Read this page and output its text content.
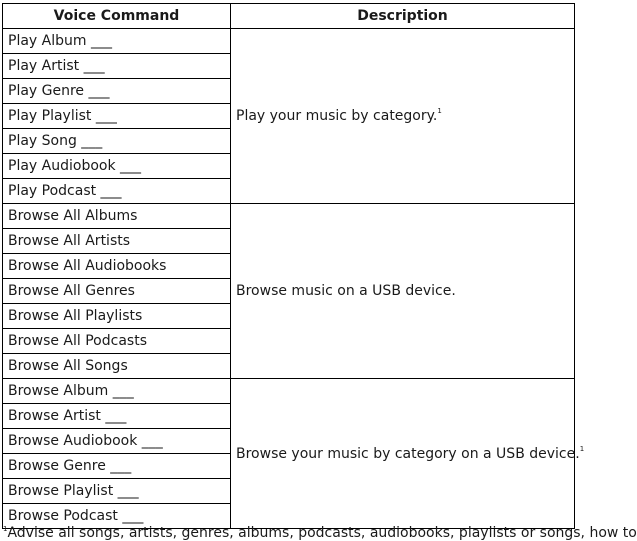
Voice Command	Description
Play Album ___	Play your music by category.$^1$
Play Artist ___	
Play Genre ___	
Play Playlist ___	
Play Song ___	
Play Audiobook ___	
Play Podcast ___	
Browse All Albums	Browse music on a USB device.
Browse All Artists	
Browse All Audiobooks	
Browse All Genres	
Browse All Playlists	
Browse All Podcasts	
Browse All Songs	
Browse Album ___	Browse your music by category on a USB device.$^1$
Browse Artist ___	
Browse Audiobook ___	
Browse Genre ___	
Browse Playlist ___	
Browse Podcast ___	
$^1$Advise all songs, artists, genres, albums, podcasts, audiobooks, playlists or songs, how to
